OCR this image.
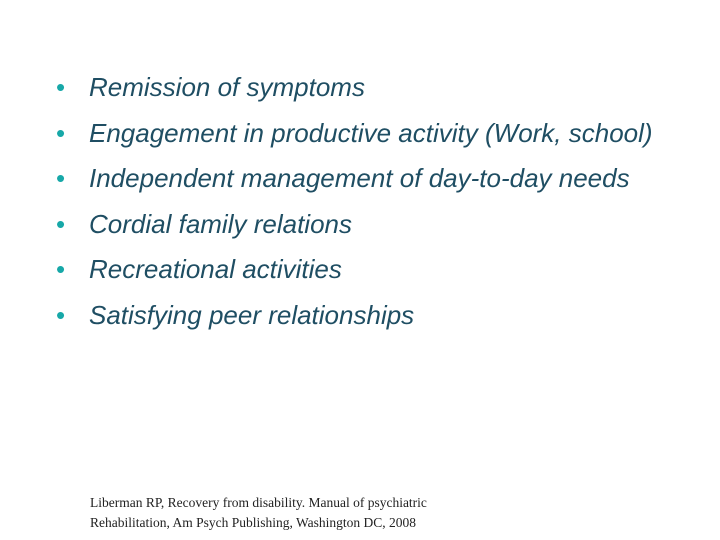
• Remission of symptoms
• Engagement in productive activity (Work, school)
• Independent management of day-to-day needs
• Cordial family relations
• Recreational activities
• Satisfying peer relationships
Liberman RP, Recovery from disability. Manual of psychiatric
Rehabilitation, Am Psych Publishing, Washington DC, 2008
